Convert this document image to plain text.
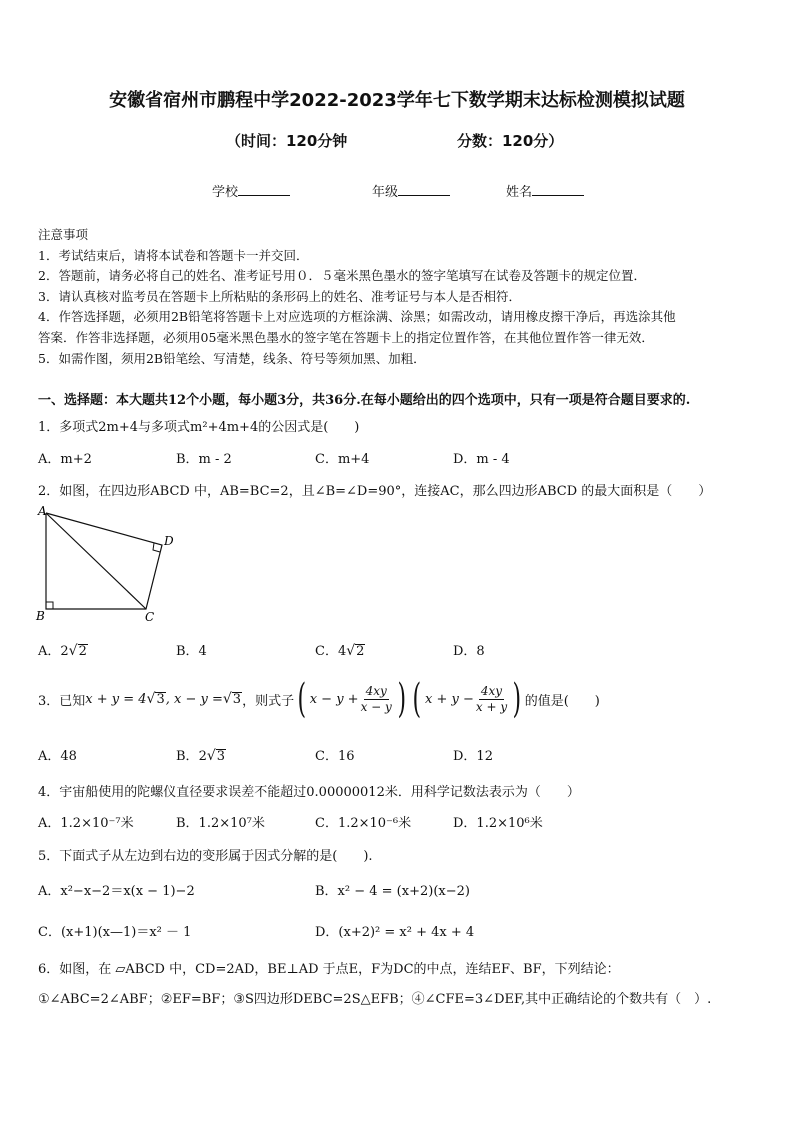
安徽省宿州市鹏程中学2022-2023学年七下数学期末达标检测模拟试题
（时间：120分钟	分数：120分）
学校	年级	姓名
注意事项
1．考试结束后，请将本试卷和答题卡一并交回．
2．答题前，请务必将自己的姓名、准考证号用０．５毫米黑色墨水的签字笔填写在试卷及答题卡的规定位置．
3．请认真核对监考员在答题卡上所粘贴的条形码上的姓名、准考证号与本人是否相符．
4．作答选择题，必须用2B铅笔将答题卡上对应选项的方框涂满、涂黑；如需改动，请用橡皮擦干净后，再选涂其他
答案．作答非选择题，必须用05毫米黑色墨水的签字笔在答题卡上的指定位置作答，在其他位置作答一律无效．
5．如需作图，须用2B铅笔绘、写清楚，线条、符号等须加黑、加粗．
一、选择题：本大题共12个小题，每小题3分，共36分.在每小题给出的四个选项中，只有一项是符合题目要求的.
1．多项式2m+4与多项式m²+4m+4的公因式是(　　)
A．m+2	B．m - 2	C．m+4	D．m - 4
2．如图，在四边形ABCD 中，AB=BC=2，且∠B=∠D=90°，连接AC，那么四边形ABCD 的最大面积是（　　）
A
B	C
D
A．2√2	B．4	C．4√2	D．8
3．已知 x + y = 4 √ 3 , x − y = √ 3 ，则式子 ( $x - y + \frac{4xy}{x - y}$ ) ( $x + y - \frac{4xy}{x + y}$ ) 的值是(　　)
A．48	B．2√3	C．16	D．12
4．宇宙船使用的陀螺仪直径要求误差不能超过0.00000012米．用科学记数法表示为（　　）
A．1.2×10⁻⁷米	B．1.2×10⁷米	C．1.2×10⁻⁶米	D．1.2×10⁶米
5．下面式子从左边到右边的变形属于因式分解的是(　　).
A．x²−x−2＝x(x − 1)−2	B．x² − 4 = (x+2)(x−2)
C．(x+1)(x—1)＝x² － 1	D．(x+2)² = x² + 4x + 4
6．如图，在 ▱ABCD 中，CD=2AD，BE⊥AD 于点E，F为DC的中点，连结EF、BF，下列结论：
①∠ABC=2∠ABF；②EF=BF；③S四边形DEBC=2S△EFB；④∠CFE=3∠DEF,其中正确结论的个数共有（　）.
